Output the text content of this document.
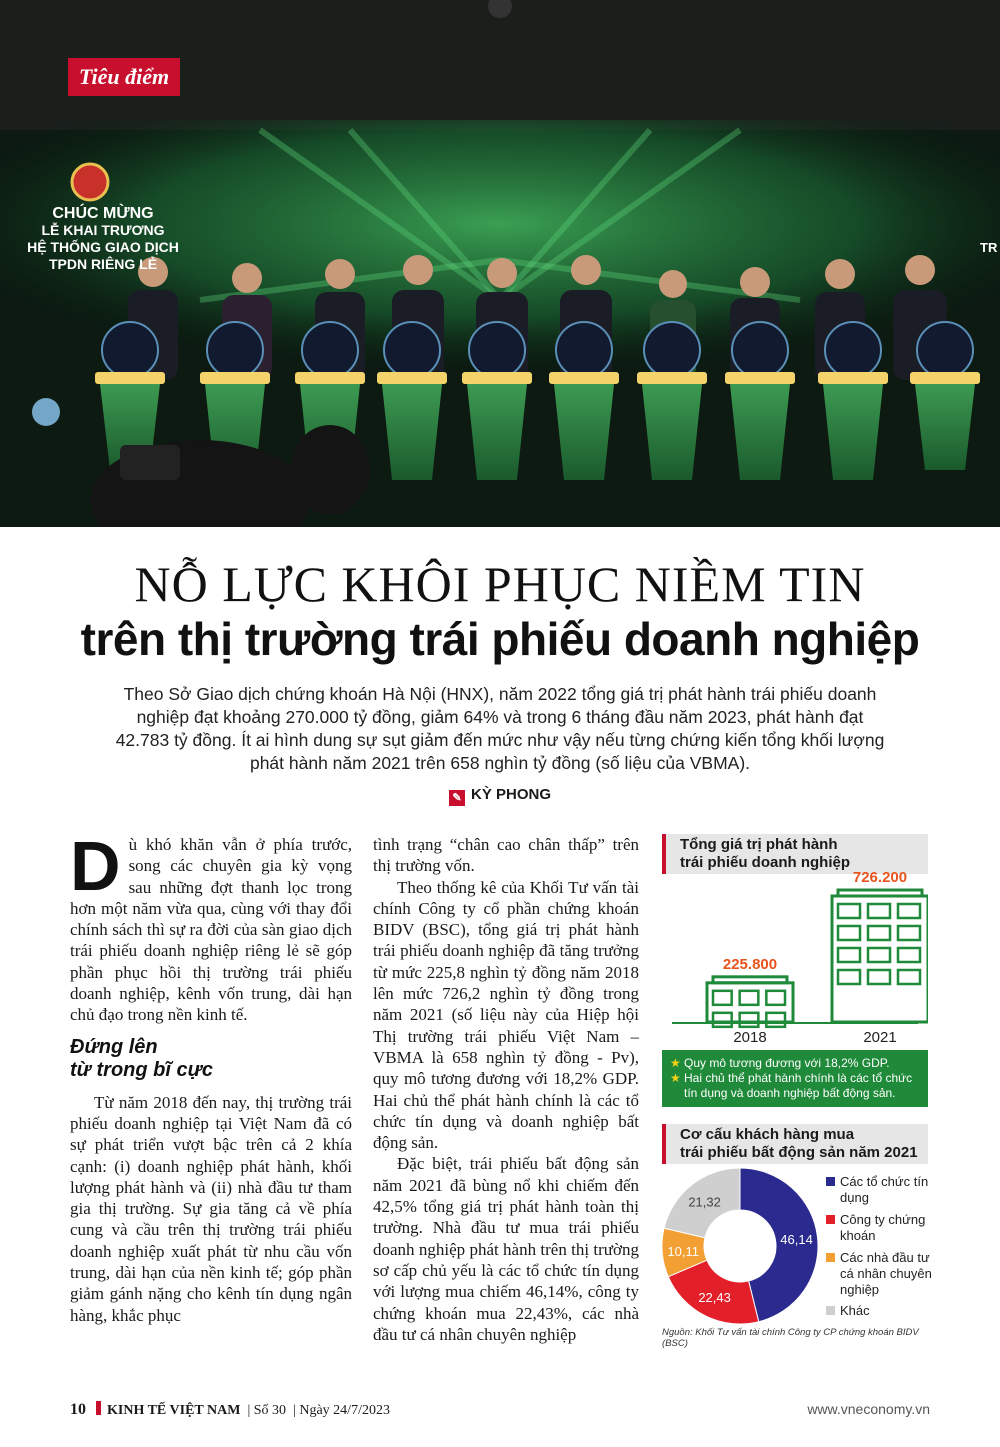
Tiêu điểm
CHÚC MỪNG
LỄ KHAI TRƯƠNG
HỆ THỐNG GIAO DỊCH
TPDN RIÊNG LẺ
TR
NỖ LỰC KHÔI PHỤC NIỀM TIN
trên thị trường trái phiếu doanh nghiệp
Theo Sở Giao dịch chứng khoán Hà Nội (HNX), năm 2022 tổng giá trị phát hành trái phiếu doanh nghiệp đạt khoảng 270.000 tỷ đồng, giảm 64% và trong 6 tháng đầu năm 2023, phát hành đạt 42.783 tỷ đồng. Ít ai hình dung sự sụt giảm đến mức như vậy nếu từng chứng kiến tổng khối lượng phát hành năm 2021 trên 658 nghìn tỷ đồng (số liệu của VBMA).
✎ KỲ PHONG

Dù khó khăn vẫn ở phía trước, song các chuyên gia kỳ vọng sau những đợt thanh lọc trong hơn một năm vừa qua, cùng với thay đổi chính sách thì sự ra đời của sàn giao dịch trái phiếu doanh nghiệp riêng lẻ sẽ góp phần phục hồi thị trường trái phiếu doanh nghiệp, kênh vốn trung, dài hạn chủ đạo trong nền kinh tế.

Đứng lên
từ trong bĩ cực

Từ năm 2018 đến nay, thị trường trái phiếu doanh nghiệp tại Việt Nam đã có sự phát triển vượt bậc trên cả 2 khía cạnh: (i) doanh nghiệp phát hành, khối lượng phát hành và (ii) nhà đầu tư tham gia thị trường. Sự gia tăng cả về phía cung và cầu trên thị trường trái phiếu doanh nghiệp xuất phát từ nhu cầu vốn trung, dài hạn của nền kinh tế; góp phần giảm gánh nặng cho kênh tín dụng ngân hàng, khắc phục

tình trạng “chân cao chân thấp” trên thị trường vốn.

Theo thống kê của Khối Tư vấn tài chính Công ty cổ phần chứng khoán BIDV (BSC), tổng giá trị phát hành trái phiếu doanh nghiệp đã tăng trưởng từ mức 225,8 nghìn tỷ đồng năm 2018 lên mức 726,2 nghìn tỷ đồng trong năm 2021 (số liệu này của Hiệp hội Thị trường trái phiếu Việt Nam – VBMA là 658 nghìn tỷ đồng - Pv), quy mô tương đương với 18,2% GDP. Hai chủ thể phát hành chính là các tổ chức tín dụng và doanh nghiệp bất động sản.

Đặc biệt, trái phiếu bất động sản năm 2021 đã bùng nổ khi chiếm đến 42,5% tổng giá trị phát hành toàn thị trường. Nhà đầu tư mua trái phiếu doanh nghiệp phát hành trên thị trường sơ cấp chủ yếu là các tổ chức tín dụng với lượng mua chiếm 46,14%, công ty chứng khoán mua 22,43%, các nhà đầu tư cá nhân chuyên nghiệp

Tổng giá trị phát hành
trái phiếu doanh nghiệp
225.800
2018
726.200
2021
★ Quy mô tương đương với 18,2% GDP.
★ Hai chủ thể phát hành chính là các tổ chức tín dụng và doanh nghiệp bất động sản.
Cơ cấu khách hàng mua
trái phiếu bất động sản năm 2021
46,14
22,43
10,11
21,32
Các tổ chức tín dụng
Công ty chứng khoán
Các nhà đầu tư cá nhân chuyên nghiệp
Khác
Nguồn: Khối Tư vấn tài chính Công ty CP chứng khoán BIDV (BSC)
10 KINH TẾ VIỆT NAM  | Số 30  | Ngày 24/7/2023	www.vneconomy.vn
